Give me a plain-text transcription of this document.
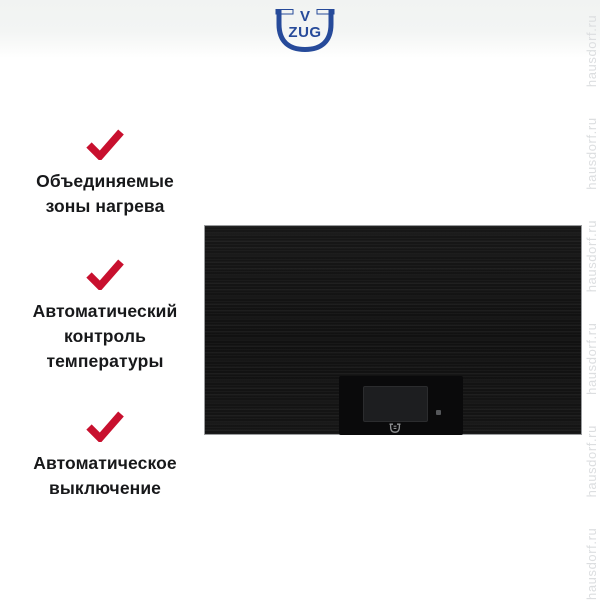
V
ZUG
Объединяемые
зоны нагрева
Автоматический
контроль
температуры
Автоматическое
выключение	hausdorf.ru hausdorf.ru hausdorf.ru hausdorf.ru hausdorf.ru hausdorf.ru
